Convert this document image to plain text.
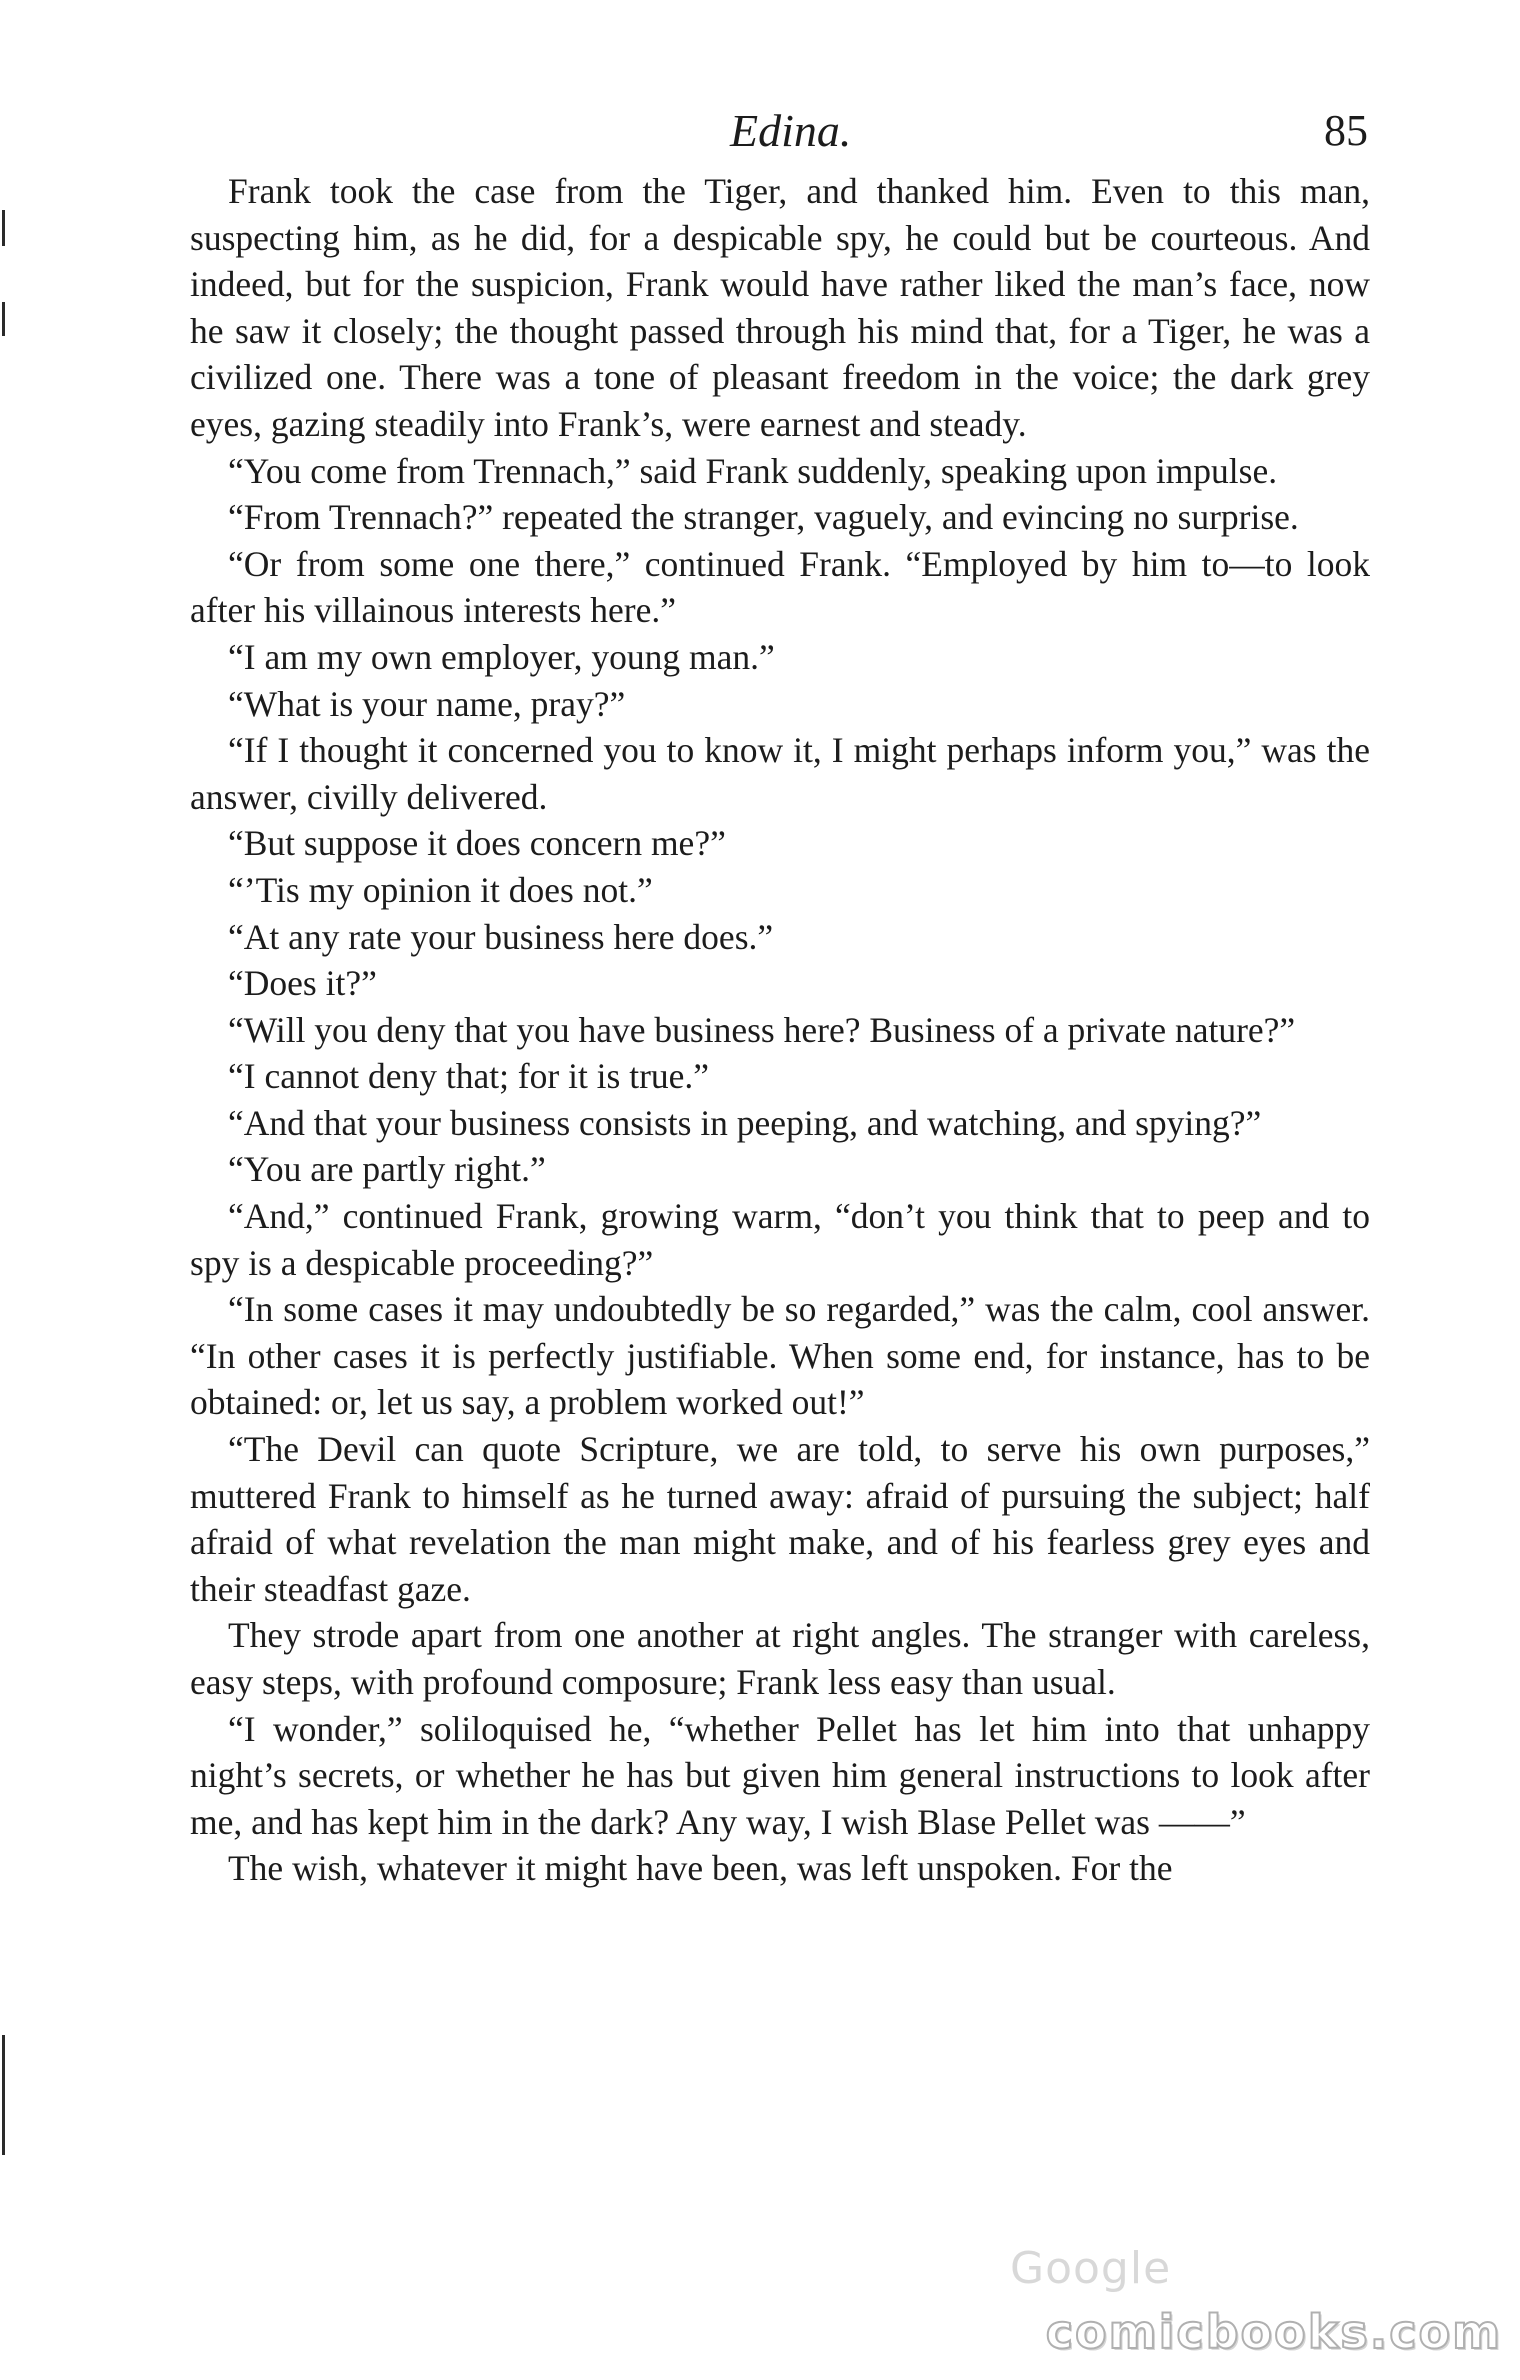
Edina.	85

Frank took the case from the Tiger, and thanked him. Even to this man, suspecting him, as he did, for a despicable spy, he could but be courteous. And indeed, but for the suspicion, Frank would have rather liked the man’s face, now he saw it closely; the thought passed through his mind that, for a Tiger, he was a civilized one. There was a tone of pleasant freedom in the voice; the dark grey eyes, gazing steadily into Frank’s, were earnest and steady.

“You come from Trennach,” said Frank suddenly, speaking upon impulse.

“From Trennach?” repeated the stranger, vaguely, and evincing no surprise.

“Or from some one there,” continued Frank. “Employed by him to—to look after his villainous interests here.”

“I am my own employer, young man.”

“What is your name, pray?”

“If I thought it concerned you to know it, I might perhaps inform you,” was the answer, civilly delivered.

“But suppose it does concern me?”

“’Tis my opinion it does not.”

“At any rate your business here does.”

“Does it?”

“Will you deny that you have business here? Business of a private nature?”

“I cannot deny that; for it is true.”

“And that your business consists in peeping, and watching, and spying?”

“You are partly right.”

“And,” continued Frank, growing warm, “don’t you think that to peep and to spy is a despicable proceeding?”

“In some cases it may undoubtedly be so regarded,” was the calm, cool answer. “In other cases it is perfectly justifiable. When some end, for instance, has to be obtained: or, let us say, a problem worked out!”

“The Devil can quote Scripture, we are told, to serve his own purposes,” muttered Frank to himself as he turned away: afraid of pursuing the subject; half afraid of what revelation the man might make, and of his fearless grey eyes and their steadfast gaze.

They strode apart from one another at right angles. The stranger with careless, easy steps, with profound composure; Frank less easy than usual.

“I wonder,” soliloquised he, “whether Pellet has let him into that unhappy night’s secrets, or whether he has but given him general instructions to look after me, and has kept him in the dark? Any way, I wish Blase Pellet was ——”

The wish, whatever it might have been, was left unspoken. For the

Google
comicbooks.com
